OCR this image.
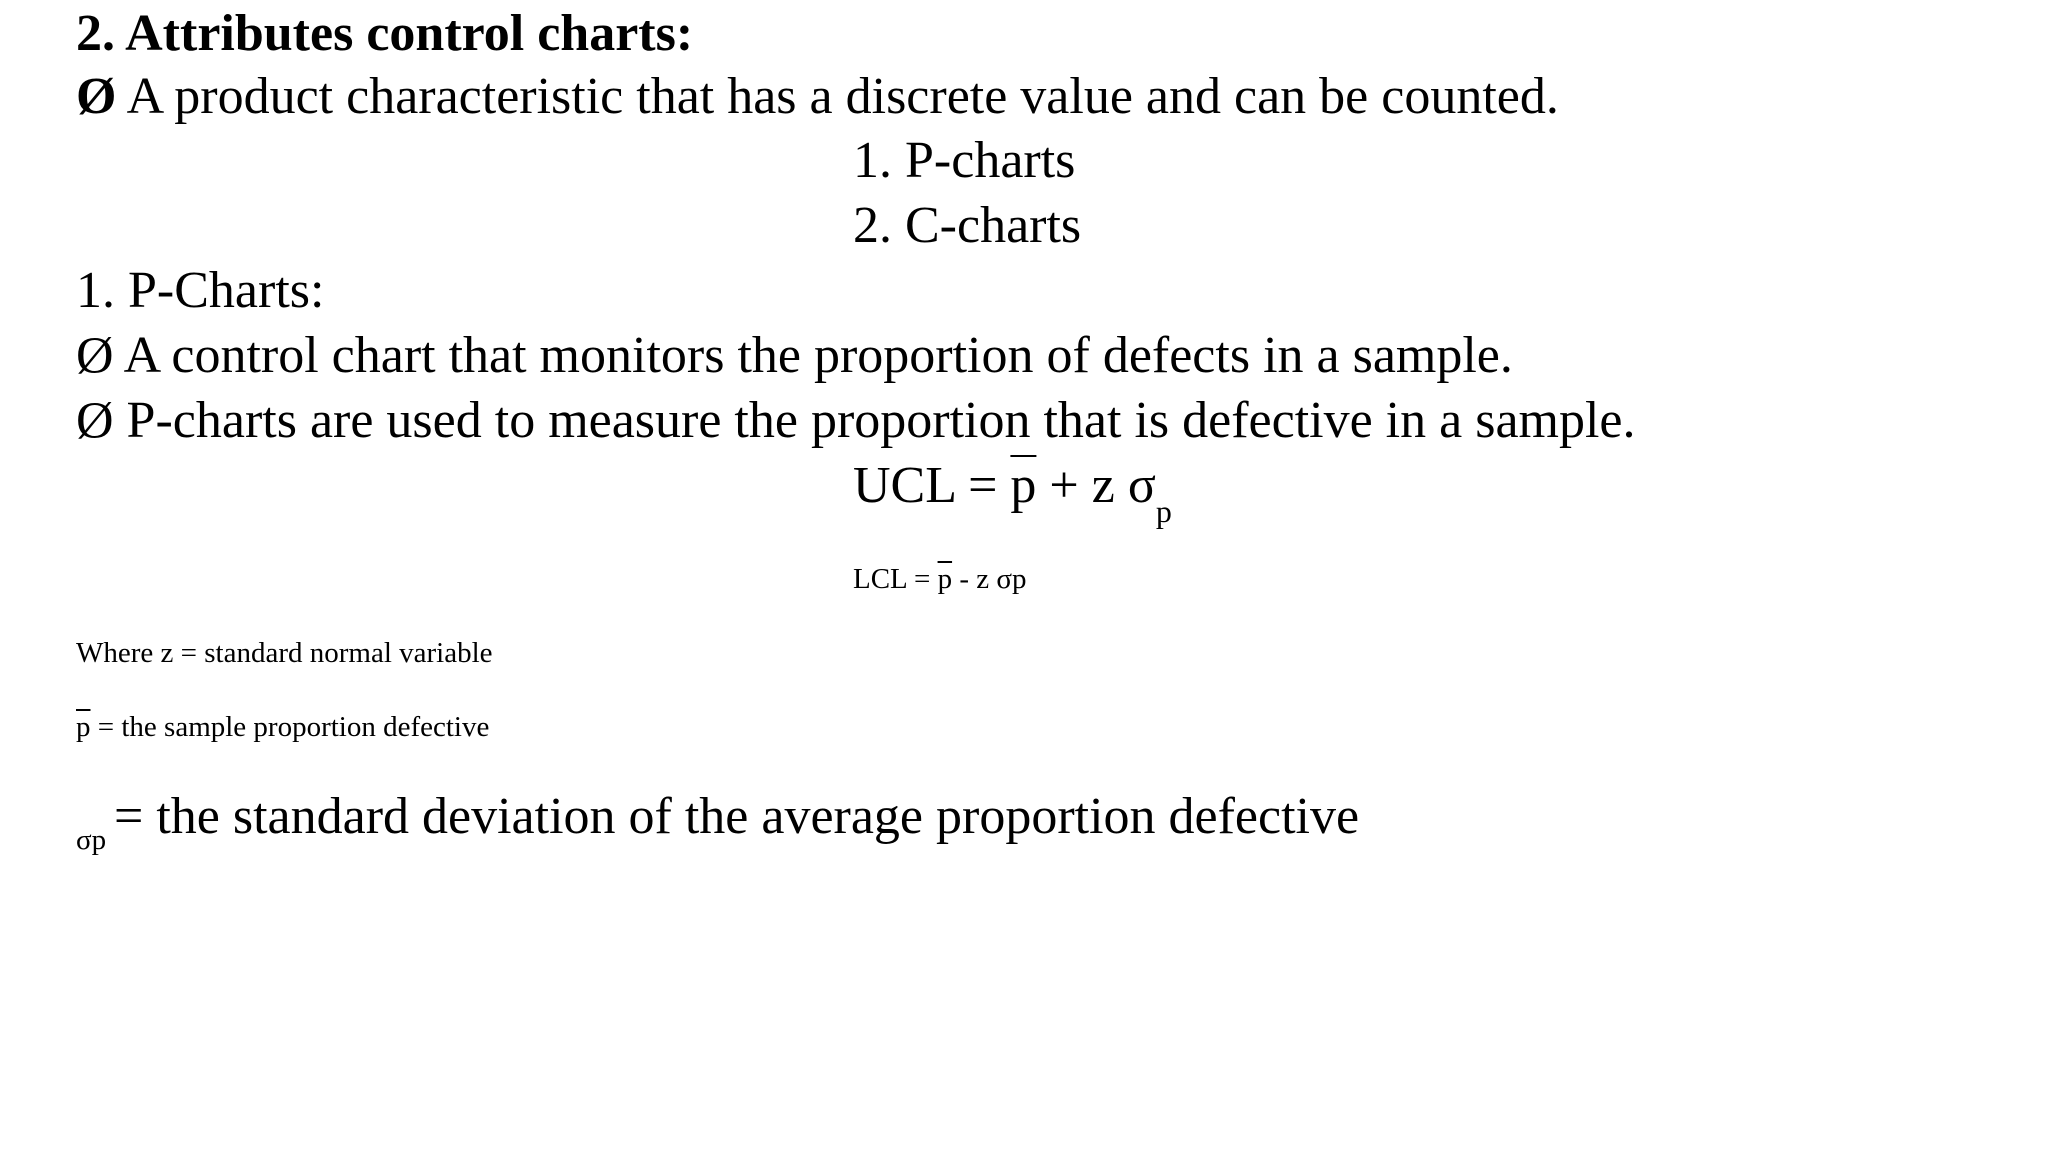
2. Attributes control charts:
Ø A product characteristic that has a discrete value and can be counted.
1. P-charts
2. C-charts
1. P-Charts:
Ø A control chart that monitors the proportion of defects in a sample.
Ø P-charts are used to measure the proportion that is defective in a sample.
UCL = $\overline{p} + z$ $\sigma_p$
LCL = $\overline{p}$ - z σp
Where z = standard normal variable
$\overline{p}$ = the sample proportion defective
σp = the standard deviation of the average proportion defective
